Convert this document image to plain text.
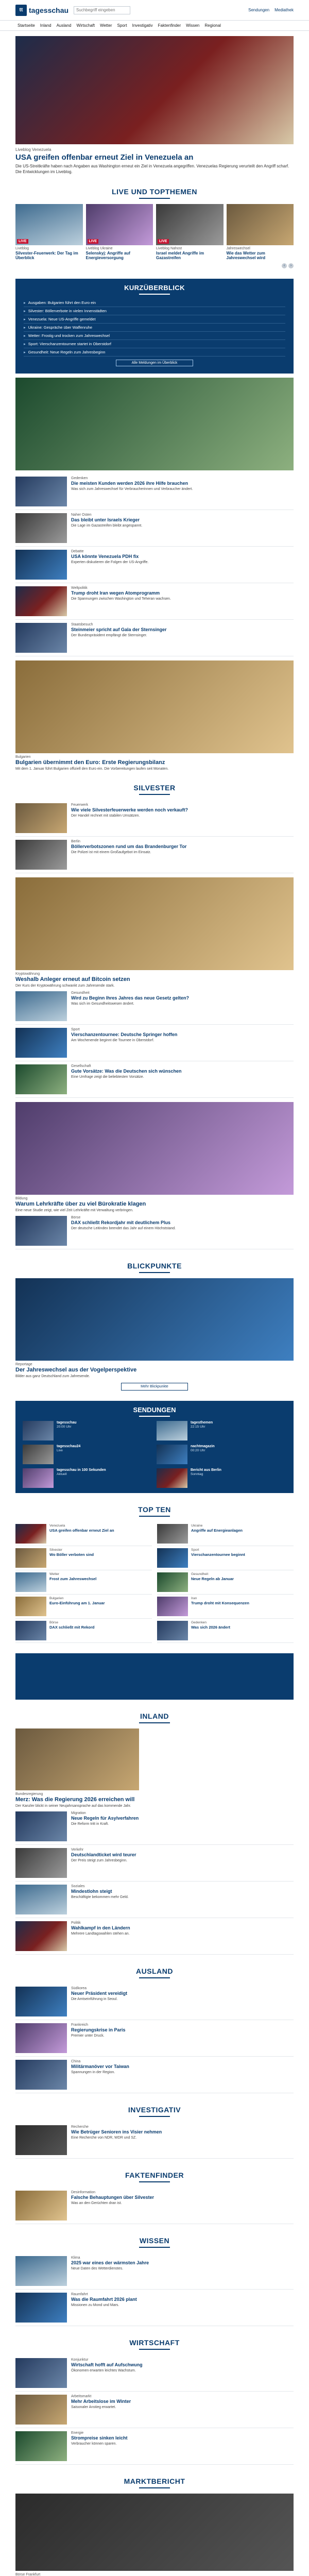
tt tagesschau
Suchbegriff eingeben	Sendungen Mediathek
Startseite Inland Ausland Wirtschaft Wetter Sport Investigativ Faktenfinder Wissen Regional
Liveblog Venezuela
USA greifen offenbar erneut Ziel in Venezuela an
Die US-Streitkräfte haben nach Angaben aus Washington erneut ein Ziel in Venezuela angegriffen. Venezuelas Regierung verurteilt den Angriff scharf. Die Entwicklungen im Liveblog.
LIVE UND TOPTHEMEN
LIVE
Liveblog
Silvester-Feuerwerk: Der Tag im Überblick
LIVE
Liveblog Ukraine
Selenskyj: Angriffe auf Energieversorgung
LIVE
Liveblog Nahost
Israel meldet Angriffe im Gazastreifen
Jahreswechsel
Wie das Wetter zum Jahreswechsel wird
‹	›
KURZÜBERBLICK
▸ Ausgaben: Bulgarien führt den Euro ein
▸ Silvester: Böllerverbote in vielen Innenstädten
▸ Venezuela: Neue US-Angriffe gemeldet
▸ Ukraine: Gespräche über Waffenruhe
▸ Wetter: Frostig und trocken zum Jahreswechsel
▸ Sport: Vierschanzentournee startet in Oberstdorf
▸ Gesundheit: Neue Regeln zum Jahresbeginn
Alle Meldungen im Überblick
Gedenken
Die meisten Kunden werden 2026 ihre Hilfe brauchen
Was sich zum Jahreswechsel für Verbraucherinnen und Verbraucher ändert.
Naher Osten
Das bleibt unter Israels Krieger
Die Lage im Gazastreifen bleibt angespannt.
Debatte
USA könnte Venezuela PDH fix
Experten diskutieren die Folgen der US-Angriffe.
Weltpolitik
Trump droht Iran wegen Atomprogramm
Die Spannungen zwischen Washington und Teheran wachsen.
Staatsbesuch
Steinmeier spricht auf Gala der Sternsinger
Der Bundespräsident empfängt die Sternsinger.
Bulgarien
Bulgarien übernimmt den Euro: Erste Regierungsbilanz
Mit dem 1. Januar führt Bulgarien offiziell den Euro ein. Die Vorbereitungen laufen seit Monaten.
SILVESTER
Feuerwerk
Wie viele Silvesterfeuerwerke werden noch verkauft?
Der Handel rechnet mit stabilen Umsätzen.
Berlin
Böllerverbotszonen rund um das Brandenburger Tor
Die Polizei ist mit einem Großaufgebot im Einsatz.
Kryptowährung
Weshalb Anleger erneut auf Bitcoin setzen
Der Kurs der Kryptowährung schwankt zum Jahresende stark.
Gesundheit
Wird zu Beginn Ihres Jahres das neue Gesetz gelten?
Was sich im Gesundheitswesen ändert.
Sport
Vierschanzentournee: Deutsche Springer hoffen
Am Wochenende beginnt die Tournee in Oberstdorf.
Gesellschaft
Gute Vorsätze: Was die Deutschen sich wünschen
Eine Umfrage zeigt die beliebtesten Vorsätze.
Bildung
Warum Lehrkräfte über zu viel Bürokratie klagen
Eine neue Studie zeigt, wie viel Zeit Lehrkräfte mit Verwaltung verbringen.
Börse
DAX schließt Rekordjahr mit deutlichem Plus
Der deutsche Leitindex beendet das Jahr auf einem Höchststand.
BLICKPUNKTE
Reportage
Der Jahreswechsel aus der Vogelperspektive
Bilder aus ganz Deutschland zum Jahresende.
Mehr Blickpunkte
SENDUNGEN
tagesschau
20:00 Uhr
tagesthemen
22:15 Uhr
tagesschau24
Live
nachtmagazin
00:20 Uhr
tagesschau in 100 Sekunden
Aktuell
Bericht aus Berlin
Sonntag
TOP TEN
Venezuela
USA greifen offenbar erneut Ziel an
Silvester
Wo Böller verboten sind
Wetter
Frost zum Jahreswechsel
Bulgarien
Euro-Einführung am 1. Januar
Börse
DAX schließt mit Rekord
Ukraine
Angriffe auf Energieanlagen
Sport
Vierschanzentournee beginnt
Gesundheit
Neue Regeln ab Januar
Iran
Trump droht mit Konsequenzen
Gedenken
Was sich 2026 ändert
INLAND
Bundesregierung
Merz: Was die Regierung 2026 erreichen will
Der Kanzler blickt in seiner Neujahrsansprache auf das kommende Jahr.
Migration
Neue Regeln für Asylverfahren
Die Reform tritt in Kraft.
Verkehr
Deutschlandticket wird teurer
Der Preis steigt zum Jahresbeginn.
Soziales
Mindestlohn steigt
Beschäftigte bekommen mehr Geld.
Politik
Wahlkampf in den Ländern
Mehrere Landtagswahlen stehen an.
AUSLAND
Südkorea
Neuer Präsident vereidigt
Die Amtseinführung in Seoul.
Frankreich
Regierungskrise in Paris
Premier unter Druck.
China
Militärmanöver vor Taiwan
Spannungen in der Region.
INVESTIGATIV
Recherche
Wie Betrüger Senioren ins Visier nehmen
Eine Recherche von NDR, WDR und SZ.
FAKTENFINDER
Desinformation
Falsche Behauptungen über Silvester
Was an den Gerüchten dran ist.
WISSEN
Klima
2025 war eines der wärmsten Jahre
Neue Daten des Wetterdienstes.
Raumfahrt
Was die Raumfahrt 2026 plant
Missionen zu Mond und Mars.
WIRTSCHAFT
Konjunktur
Wirtschaft hofft auf Aufschwung
Ökonomen erwarten leichtes Wachstum.
Arbeitsmarkt
Mehr Arbeitslose im Winter
Saisonaler Anstieg erwartet.
Energie
Strompreise sinken leicht
Verbraucher können sparen.
MARKTBERICHT
Börse Frankfurt
